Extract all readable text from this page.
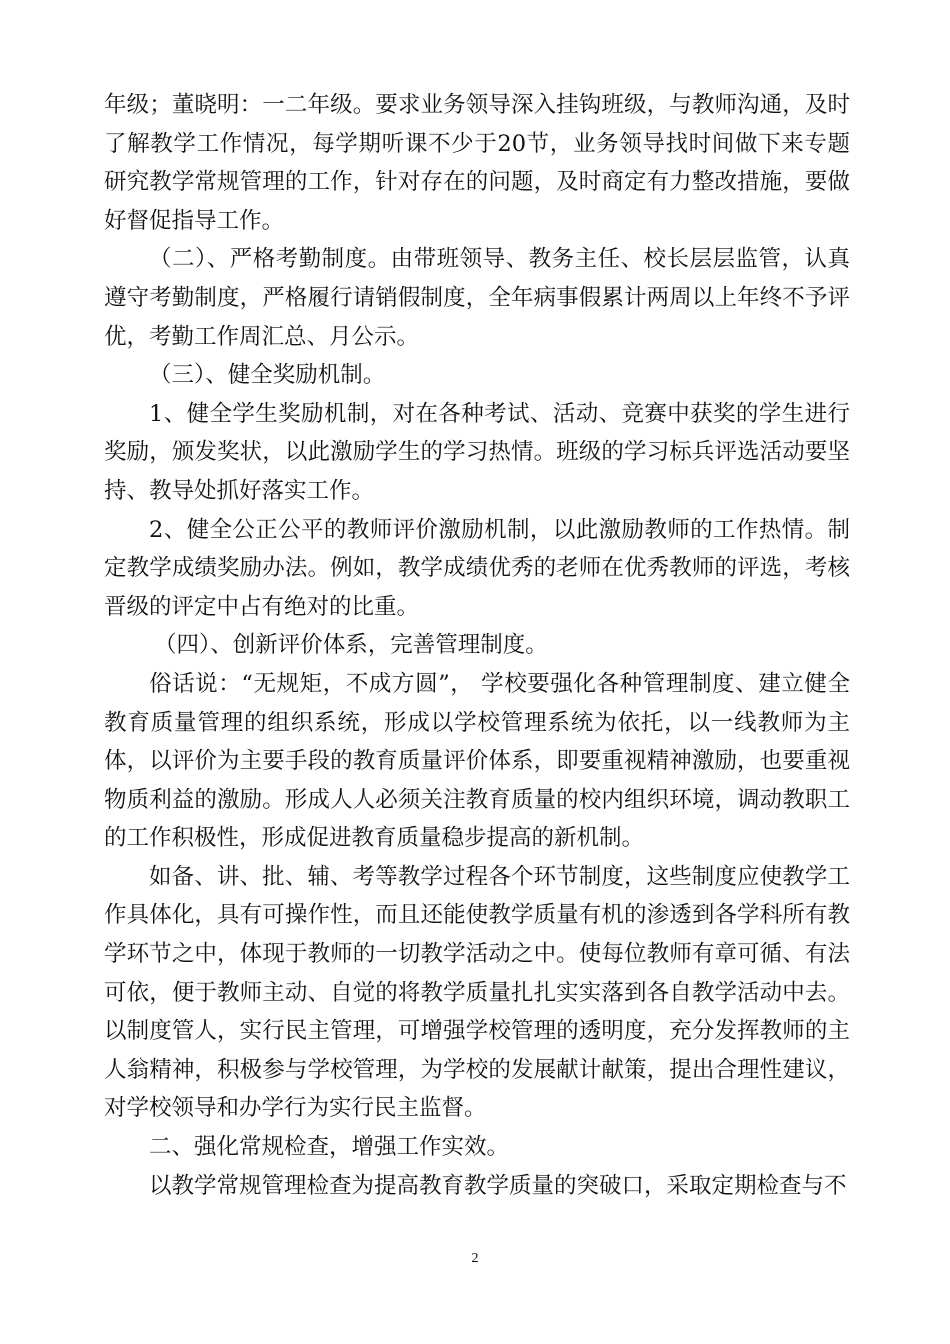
年级；董晓明：一二年级。要求业务领导深入挂钩班级，与教师沟通，及时了解教学工作情况，每学期听课不少于20节，业务领导找时间做下来专题研究教学常规管理的工作，针对存在的问题，及时商定有力整改措施，要做好督促指导工作。

（二）、严格考勤制度。由带班领导、教务主任、校长层层监管，认真遵守考勤制度，严格履行请销假制度，全年病事假累计两周以上年终不予评优，考勤工作周汇总、月公示。

（三）、健全奖励机制。

1、健全学生奖励机制，对在各种考试、活动、竞赛中获奖的学生进行奖励，颁发奖状，以此激励学生的学习热情。班级的学习标兵评选活动要坚持、教导处抓好落实工作。

2、健全公正公平的教师评价激励机制，以此激励教师的工作热情。制定教学成绩奖励办法。例如，教学成绩优秀的老师在优秀教师的评选，考核晋级的评定中占有绝对的比重。

（四）、创新评价体系，完善管理制度。

俗话说：“无规矩，不成方圆”， 学校要强化各种管理制度、建立健全教育质量管理的组织系统，形成以学校管理系统为依托，以一线教师为主体，以评价为主要手段的教育质量评价体系，即要重视精神激励，也要重视物质利益的激励。形成人人必须关注教育质量的校内组织环境，调动教职工的工作积极性，形成促进教育质量稳步提高的新机制。

如备、讲、批、辅、考等教学过程各个环节制度，这些制度应使教学工作具体化，具有可操作性，而且还能使教学质量有机的渗透到各学科所有教学环节之中，体现于教师的一切教学活动之中。使每位教师有章可循、有法可依，便于教师主动、自觉的将教学质量扎扎实实落到各自教学活动中去。以制度管人，实行民主管理，可增强学校管理的透明度，充分发挥教师的主人翁精神，积极参与学校管理，为学校的发展献计献策，提出合理性建议，对学校领导和办学行为实行民主监督。

二、强化常规检查，增强工作实效。

以教学常规管理检查为提高教育教学质量的突破口，采取定期检查与不

2
